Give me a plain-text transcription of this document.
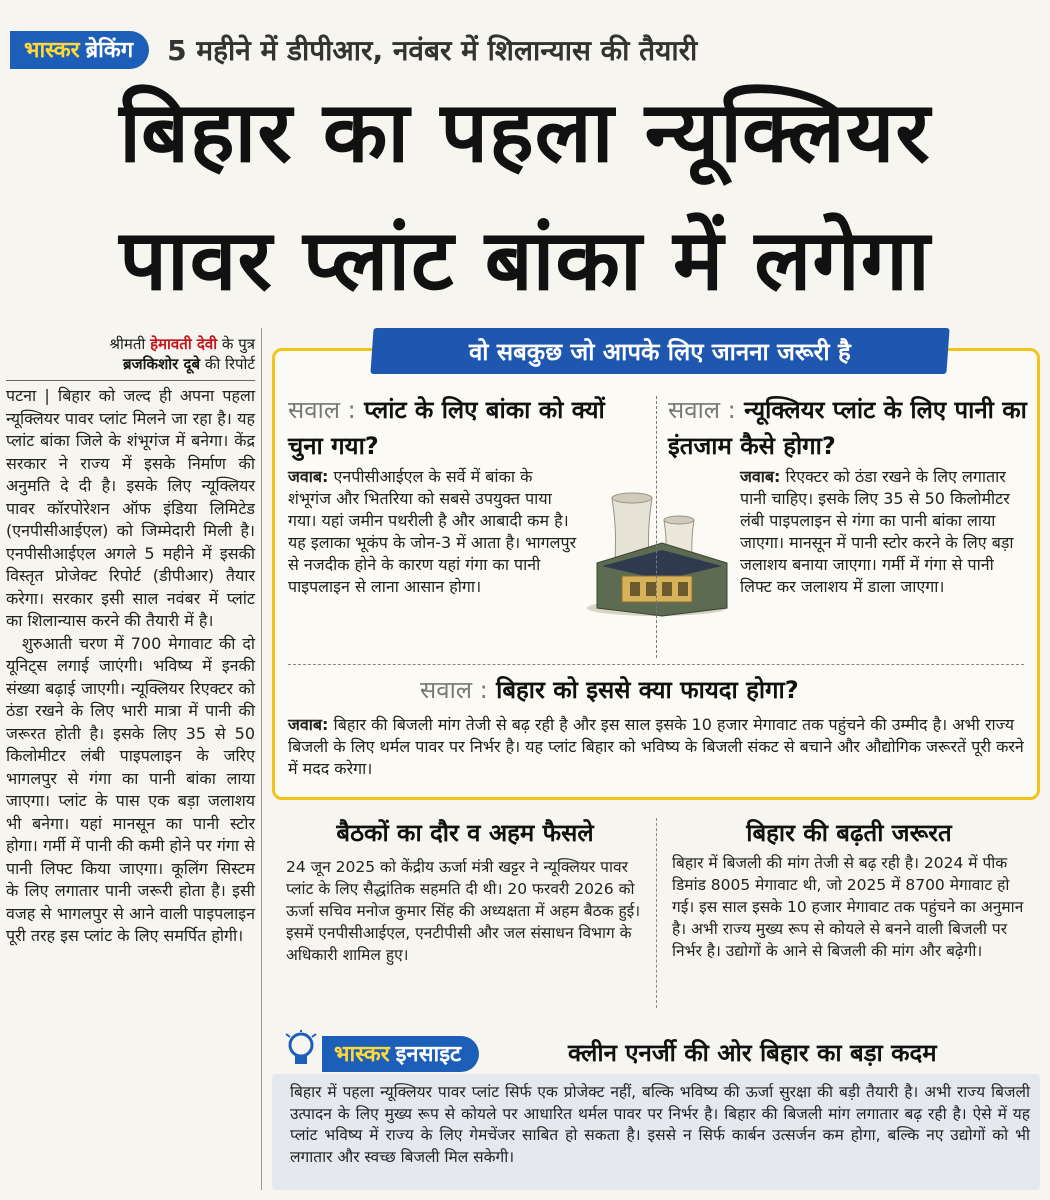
भास्कर ब्रेकिंग 5 महीने में डीपीआर, नवंबर में शिलान्यास की तैयारी
बिहार का पहला न्यूक्लियर
पावर प्लांट बांका में लगेगा
श्रीमती हेमावती देवी के पुत्र
ब्रजकिशोर दूबे की रिपोर्ट

पटना | बिहार को जल्द ही अपना पहला न्यूक्लियर पावर प्लांट मिलने जा रहा है। यह प्लांट बांका जिले के शंभूगंज में बनेगा। केंद्र सरकार ने राज्य में इसके निर्माण की अनुमति दे दी है। इसके लिए न्यूक्लियर पावर कॉरपोरेशन ऑफ इंडिया लिमिटेड (एनपीसीआईएल) को जिम्मेदारी मिली है। एनपीसीआईएल अगले 5 महीने में इसकी विस्तृत प्रोजेक्ट रिपोर्ट (डीपीआर) तैयार करेगा। सरकार इसी साल नवंबर में प्लांट का शिलान्यास करने की तैयारी में है।

शुरुआती चरण में 700 मेगावाट की दो यूनिट्स लगाई जाएंगी। भविष्य में इनकी संख्या बढ़ाई जाएगी। न्यूक्लियर रिएक्टर को ठंडा रखने के लिए भारी मात्रा में पानी की जरूरत होती है। इसके लिए 35 से 50 किलोमीटर लंबी पाइपलाइन के जरिए भागलपुर से गंगा का पानी बांका लाया जाएगा। प्लांट के पास एक बड़ा जलाशय भी बनेगा। यहां मानसून का पानी स्टोर होगा। गर्मी में पानी की कमी होने पर गंगा से पानी लिफ्ट किया जाएगा। कूलिंग सिस्टम के लिए लगातार पानी जरूरी होता है। इसी वजह से भागलपुर से आने वाली पाइपलाइन पूरी तरह इस प्लांट के लिए समर्पित होगी।

वो सबकुछ जो आपके लिए जानना जरूरी है
सवाल : प्लांट के लिए बांका को क्यों चुना गया?
जवाब: एनपीसीआईएल के सर्वे में बांका के शंभूगंज और भितरिया को सबसे उपयुक्त पाया गया। यहां जमीन पथरीली है और आबादी कम है। यह इलाका भूकंप के जोन-3 में आता है। भागलपुर से नजदीक होने के कारण यहां गंगा का पानी पाइपलाइन से लाना आसान होगा।
सवाल : न्यूक्लियर प्लांट के लिए पानी का इंतजाम कैसे होगा?
जवाब: रिएक्टर को ठंडा रखने के लिए लगातार पानी चाहिए। इसके लिए 35 से 50 किलोमीटर लंबी पाइपलाइन से गंगा का पानी बांका लाया जाएगा। मानसून में पानी स्टोर करने के लिए बड़ा जलाशय बनाया जाएगा। गर्मी में गंगा से पानी लिफ्ट कर जलाशय में डाला जाएगा।
सवाल : बिहार को इससे क्या फायदा होगा?
जवाब: बिहार की बिजली मांग तेजी से बढ़ रही है और इस साल इसके 10 हजार मेगावाट तक पहुंचने की उम्मीद है। अभी राज्य बिजली के लिए थर्मल पावर पर निर्भर है। यह प्लांट बिहार को भविष्य के बिजली संकट से बचाने और औद्योगिक जरूरतें पूरी करने में मदद करेगा।
बैठकों का दौर व अहम फैसले
24 जून 2025 को केंद्रीय ऊर्जा मंत्री खट्टर ने न्यूक्लियर पावर प्लांट के लिए सैद्धांतिक सहमति दी थी। 20 फरवरी 2026 को ऊर्जा सचिव मनोज कुमार सिंह की अध्यक्षता में अहम बैठक हुई। इसमें एनपीसीआईएल, एनटीपीसी और जल संसाधन विभाग के अधिकारी शामिल हुए।
बिहार की बढ़ती जरूरत
बिहार में बिजली की मांग तेजी से बढ़ रही है। 2024 में पीक डिमांड 8005 मेगावाट थी, जो 2025 में 8700 मेगावाट हो गई। इस साल इसके 10 हजार मेगावाट तक पहुंचने का अनुमान है। अभी राज्य मुख्य रूप से कोयले से बनने वाली बिजली पर निर्भर है। उद्योगों के आने से बिजली की मांग और बढ़ेगी।
भास्कर इनसाइट	क्लीन एनर्जी की ओर बिहार का बड़ा कदम
बिहार में पहला न्यूक्लियर पावर प्लांट सिर्फ एक प्रोजेक्ट नहीं, बल्कि भविष्य की ऊर्जा सुरक्षा की बड़ी तैयारी है। अभी राज्य बिजली उत्पादन के लिए मुख्य रूप से कोयले पर आधारित थर्मल पावर पर निर्भर है। बिहार की बिजली मांग लगातार बढ़ रही है। ऐसे में यह प्लांट भविष्य में राज्य के लिए गेमचेंजर साबित हो सकता है। इससे न सिर्फ कार्बन उत्सर्जन कम होगा, बल्कि नए उद्योगों को भी लगातार और स्वच्छ बिजली मिल सकेगी।
